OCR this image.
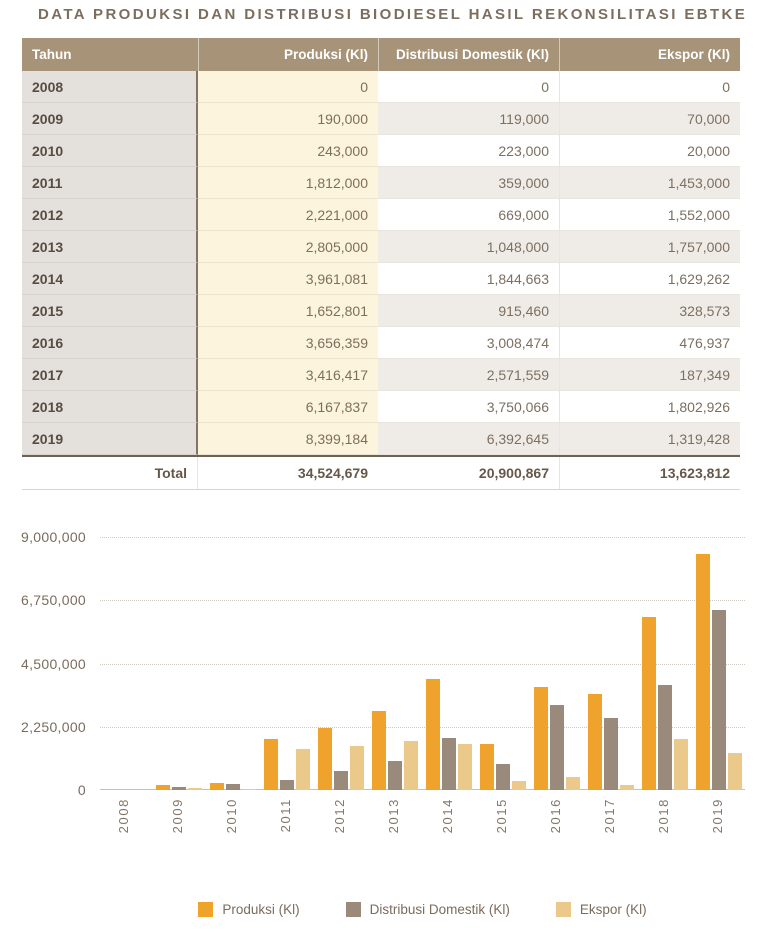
DATA PRODUKSI DAN DISTRIBUSI BIODIESEL HASIL REKONSILITASI EBTKE
Tahun	Produksi (Kl)	Distribusi Domestik (Kl)	Ekspor (Kl)
2008	0	0	0
2009	190,000	119,000	70,000
2010	243,000	223,000	20,000
2011	1,812,000	359,000	1,453,000
2012	2,221,000	669,000	1,552,000
2013	2,805,000	1,048,000	1,757,000
2014	3,961,081	1,844,663	1,629,262
2015	1,652,801	915,460	328,573
2016	3,656,359	3,008,474	476,937
2017	3,416,417	2,571,559	187,349
2018	6,167,837	3,750,066	1,802,926
2019	8,399,184	6,392,645	1,319,428
Total	34,524,679	20,900,867	13,623,812
9,000,000
6,750,000
4,500,000
2,250,000
0
2008	2009	2010	2011	2012	2013	2014	2015	2016	2017	2018	2019
Produksi (Kl)	Distribusi Domestik (Kl)	Ekspor (Kl)
